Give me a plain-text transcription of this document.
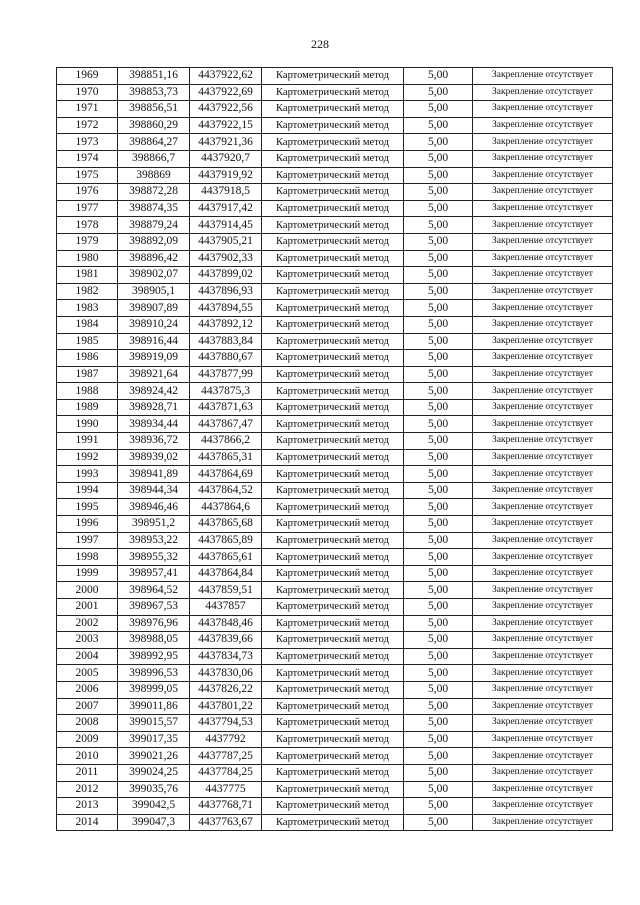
228
1969	398851,16	4437922,62	Картометрический метод	5,00	Закрепление отсутствует
1970	398853,73	4437922,69	Картометрический метод	5,00	Закрепление отсутствует
1971	398856,51	4437922,56	Картометрический метод	5,00	Закрепление отсутствует
1972	398860,29	4437922,15	Картометрический метод	5,00	Закрепление отсутствует
1973	398864,27	4437921,36	Картометрический метод	5,00	Закрепление отсутствует
1974	398866,7	4437920,7	Картометрический метод	5,00	Закрепление отсутствует
1975	398869	4437919,92	Картометрический метод	5,00	Закрепление отсутствует
1976	398872,28	4437918,5	Картометрический метод	5,00	Закрепление отсутствует
1977	398874,35	4437917,42	Картометрический метод	5,00	Закрепление отсутствует
1978	398879,24	4437914,45	Картометрический метод	5,00	Закрепление отсутствует
1979	398892,09	4437905,21	Картометрический метод	5,00	Закрепление отсутствует
1980	398896,42	4437902,33	Картометрический метод	5,00	Закрепление отсутствует
1981	398902,07	4437899,02	Картометрический метод	5,00	Закрепление отсутствует
1982	398905,1	4437896,93	Картометрический метод	5,00	Закрепление отсутствует
1983	398907,89	4437894,55	Картометрический метод	5,00	Закрепление отсутствует
1984	398910,24	4437892,12	Картометрический метод	5,00	Закрепление отсутствует
1985	398916,44	4437883,84	Картометрический метод	5,00	Закрепление отсутствует
1986	398919,09	4437880,67	Картометрический метод	5,00	Закрепление отсутствует
1987	398921,64	4437877,99	Картометрический метод	5,00	Закрепление отсутствует
1988	398924,42	4437875,3	Картометрический метод	5,00	Закрепление отсутствует
1989	398928,71	4437871,63	Картометрический метод	5,00	Закрепление отсутствует
1990	398934,44	4437867,47	Картометрический метод	5,00	Закрепление отсутствует
1991	398936,72	4437866,2	Картометрический метод	5,00	Закрепление отсутствует
1992	398939,02	4437865,31	Картометрический метод	5,00	Закрепление отсутствует
1993	398941,89	4437864,69	Картометрический метод	5,00	Закрепление отсутствует
1994	398944,34	4437864,52	Картометрический метод	5,00	Закрепление отсутствует
1995	398946,46	4437864,6	Картометрический метод	5,00	Закрепление отсутствует
1996	398951,2	4437865,68	Картометрический метод	5,00	Закрепление отсутствует
1997	398953,22	4437865,89	Картометрический метод	5,00	Закрепление отсутствует
1998	398955,32	4437865,61	Картометрический метод	5,00	Закрепление отсутствует
1999	398957,41	4437864,84	Картометрический метод	5,00	Закрепление отсутствует
2000	398964,52	4437859,51	Картометрический метод	5,00	Закрепление отсутствует
2001	398967,53	4437857	Картометрический метод	5,00	Закрепление отсутствует
2002	398976,96	4437848,46	Картометрический метод	5,00	Закрепление отсутствует
2003	398988,05	4437839,66	Картометрический метод	5,00	Закрепление отсутствует
2004	398992,95	4437834,73	Картометрический метод	5,00	Закрепление отсутствует
2005	398996,53	4437830,06	Картометрический метод	5,00	Закрепление отсутствует
2006	398999,05	4437826,22	Картометрический метод	5,00	Закрепление отсутствует
2007	399011,86	4437801,22	Картометрический метод	5,00	Закрепление отсутствует
2008	399015,57	4437794,53	Картометрический метод	5,00	Закрепление отсутствует
2009	399017,35	4437792	Картометрический метод	5,00	Закрепление отсутствует
2010	399021,26	4437787,25	Картометрический метод	5,00	Закрепление отсутствует
2011	399024,25	4437784,25	Картометрический метод	5,00	Закрепление отсутствует
2012	399035,76	4437775	Картометрический метод	5,00	Закрепление отсутствует
2013	399042,5	4437768,71	Картометрический метод	5,00	Закрепление отсутствует
2014	399047,3	4437763,67	Картометрический метод	5,00	Закрепление отсутствует
